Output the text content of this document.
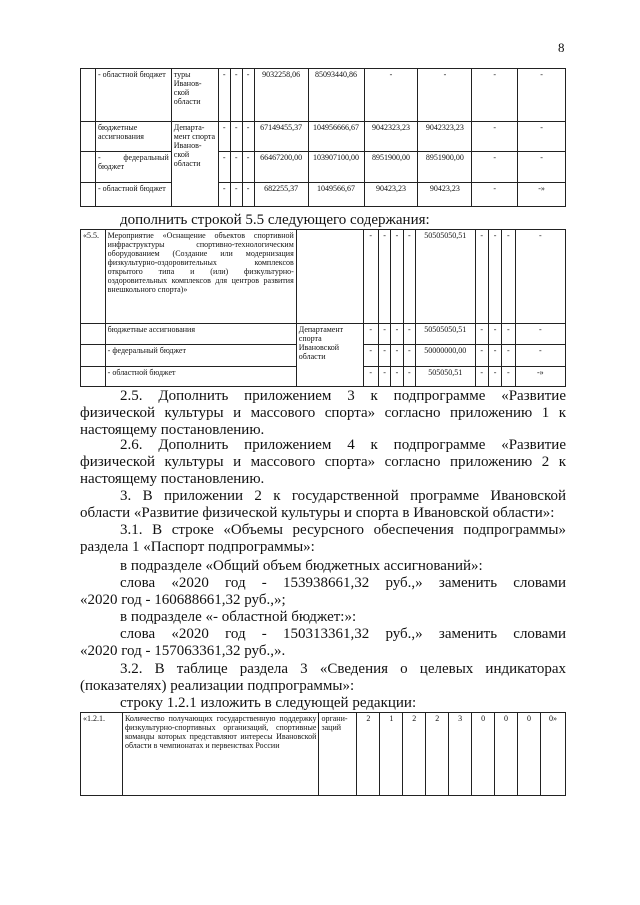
8
	- областной бюджет	туры Иванов-ской области	-	-	-	9032258,06	85093440,86	-	-	-	-
	бюджетные ассигнования	Департа-мент спорта Иванов-ской области	-	-	-	67149455,37	104956666,67	9042323,23	9042323,23	-	-
	- федеральный бюджет		-	-	-	66467200,00	103907100,00	8951900,00	8951900,00	-	-
	- областной бюджет		-	-	-	682255,37	1049566,67	90423,23	90423,23	-	-»
дополнить строкой 5.5 следующего содержания:
«5.5.	Мероприятие «Оснащение объектов спортивной инфраструктуры спортивно-технологическим оборудованием (Создание или модернизация физкультурно-оздоровительных комплексов открытого типа и (или) физкультурно-оздоровительных комплексов для центров развития внешкольного спорта)»		-	-	-	-	50505050,51	-	-	-	-
	бюджетные ассигнования	Департамент спорта Ивановской области	-	-	-	-	50505050,51	-	-	-	-
	- федеральный бюджет		-	-	-	-	50000000,00	-	-	-	-
	- областной бюджет		-	-	-	-	505050,51	-	-	-	-»

2.5. Дополнить приложением 3 к подпрограмме «Развитие физической культуры и массового спорта» согласно приложению 1 к настоящему постановлению.

2.6. Дополнить приложением 4 к подпрограмме «Развитие физической культуры и массового спорта» согласно приложению 2 к настоящему постановлению.

3. В приложении 2 к государственной программе Ивановской области «Развитие физической культуры и спорта в Ивановской области»:

3.1. В строке «Объемы ресурсного обеспечения подпрограммы» раздела 1 «Паспорт подпрограммы»:

в подразделе «Общий объем бюджетных ассигнований»:
слова «2020 год - 153938661,32 руб.,» заменить словами
«2020 год - 160688661,32 руб.,»;
в подразделе «- областной бюджет:»:
слова «2020 год - 150313361,32 руб.,» заменить словами
«2020 год - 157063361,32 руб.,».

3.2. В таблице раздела 3 «Сведения о целевых индикаторах (показателях) реализации подпрограммы»:

строку 1.2.1 изложить в следующей редакции:
«1.2.1.	Количество получающих государственную поддержку физкультурно-спортивных организаций, спортивные команды которых представляют интересы Ивановской области в чемпионатах и первенствах России	органи-заций	2	1	2	2	3	0	0	0	0»
